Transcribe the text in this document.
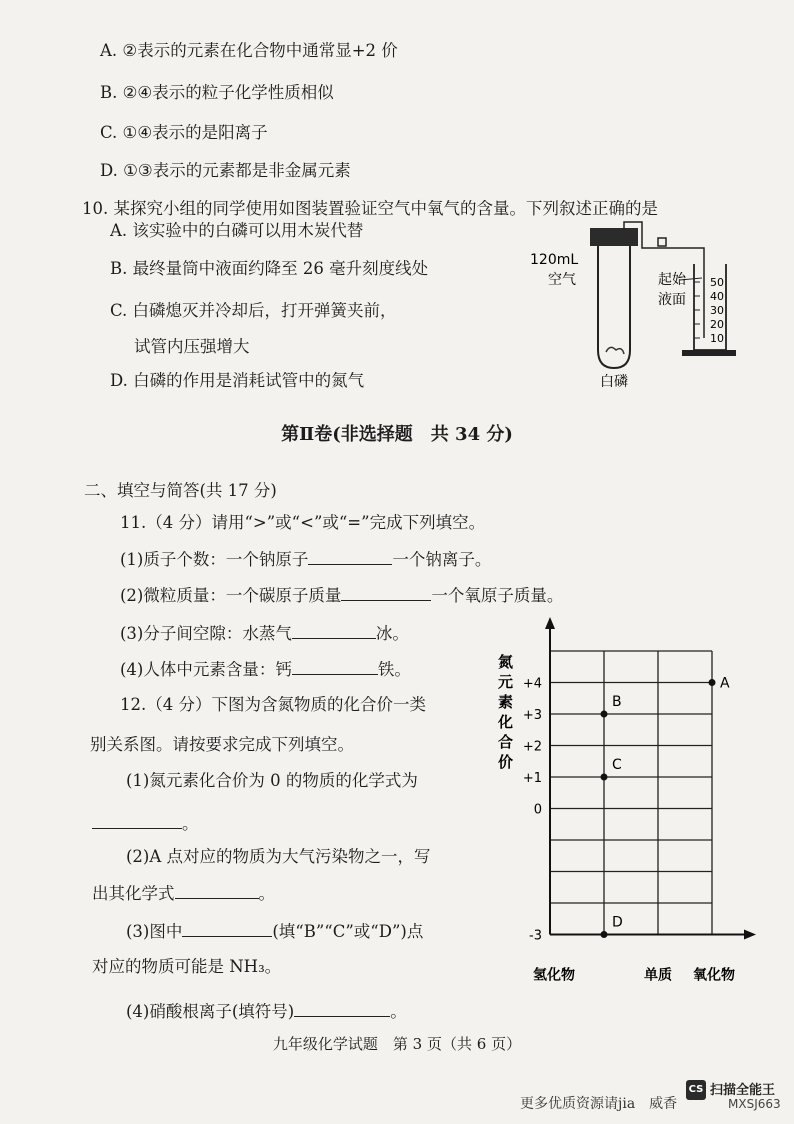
A. ②表示的元素在化合物中通常显+2 价
B. ②④表示的粒子化学性质相似
C. ①④表示的是阳离子
D. ①③表示的元素都是非金属元素
10. 某探究小组的同学使用如图装置验证空气中氧气的含量。下列叙述正确的是
A. 该实验中的白磷可以用木炭代替
B. 最终量筒中液面约降至 26 毫升刻度线处
C. 白磷熄灭并冷却后，打开弹簧夹前，
试管内压强增大
D. 白磷的作用是消耗试管中的氮气
50
40
30
20
10
120mL
空气	起始
液面
白磷
第Ⅱ卷(非选择题　共 34 分)
二、填空与简答(共 17 分)
11.（4 分）请用“>”或“<”或“=”完成下列填空。
(1)质子个数：一个钠原子	一个钠离子。
(2)微粒质量：一个碳原子质量	一个氧原子质量。
(3)分子间空隙：水蒸气	冰。
(4)人体中元素含量：钙	铁。
12.（4 分）下图为含氮物质的化合价一类
别关系图。请按要求完成下列填空。
(1)氮元素化合价为 0 的物质的化学式为
。
(2)A 点对应的物质为大气污染物之一，写
出其化学式	。
(3)图中	(填“B”“C”或“D”)点
对应的物质可能是 NH₃。
(4)硝酸根离子(填符号)	。
氮元素化合价
+4
+3
+2
+1
0
-3
氢化物	单质 氧化物
A
B
C
D
九年级化学试题　第 3 页（共 6 页）
CS 扫描全能王
MXSJ663
更多优质资源请jia　威香
